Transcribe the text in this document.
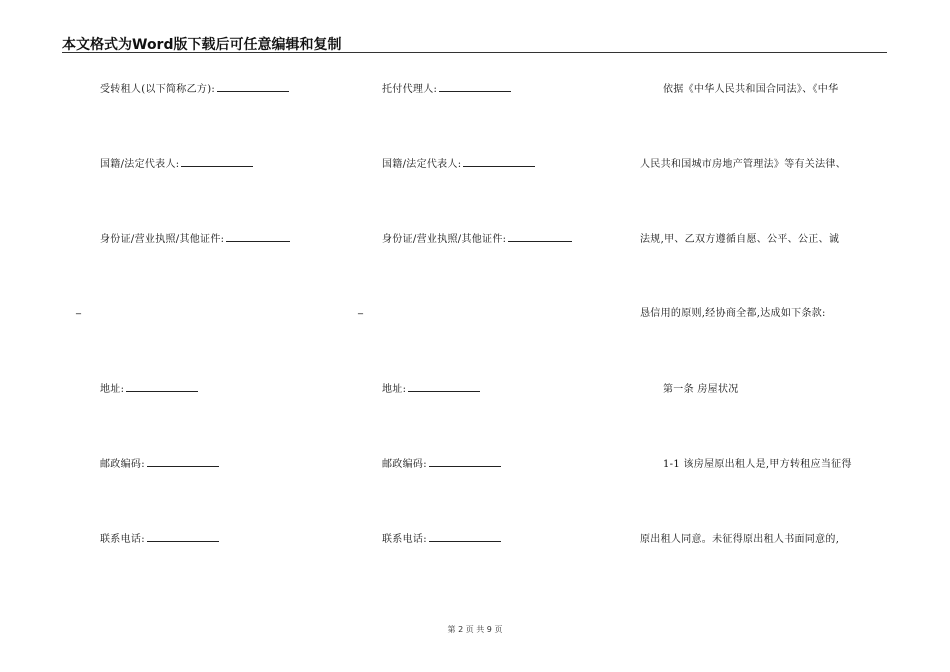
本文格式为Word版下载后可任意编辑和复制
受转租人(以下简称乙方):
国籍/法定代表人:
身份证/营业执照/其他证件:
_
地址:
邮政编码:
联系电话:
托付代理人:
国籍/法定代表人:
身份证/营业执照/其他证件:
_
地址:
邮政编码:
联系电话:
依据《中华人民共和国合同法》、《中华
人民共和国城市房地产管理法》等有关法律、
法规,甲、乙双方遵循自愿、公平、公正、诚
恳信用的原则,经协商全都,达成如下条款:
第一条 房屋状况
1-1 该房屋原出租人是,甲方转租应当征得
原出租人同意。未征得原出租人书面同意的,
第 2 页 共 9 页
